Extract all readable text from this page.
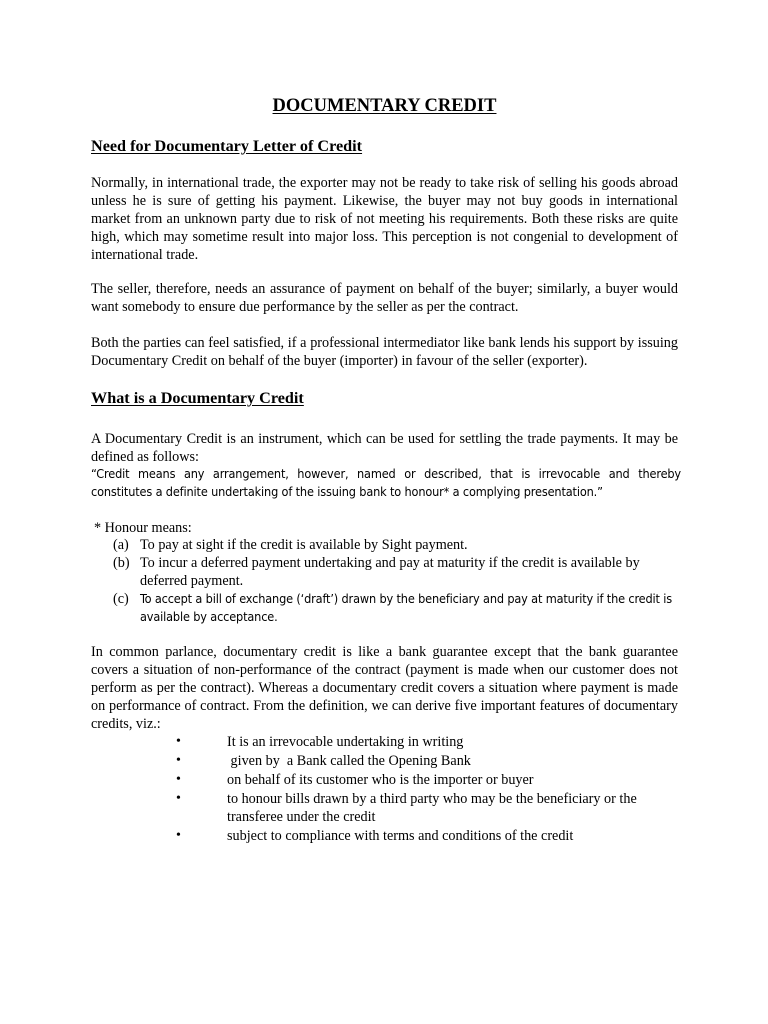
DOCUMENTARY CREDIT
Need for Documentary Letter of Credit
Normally, in international trade, the exporter may not be ready to take risk of selling his goods abroad unless he is sure of getting his payment. Likewise, the buyer may not buy goods in international market from an unknown party due to risk of not meeting his requirements. Both these risks are quite high, which may sometime result into major loss. This perception is not congenial to development of international trade.
The seller, therefore, needs an assurance of payment on behalf of the buyer; similarly, a buyer would want somebody to ensure due performance by the seller as per the contract.
Both the parties can feel satisfied, if a professional intermediator like bank lends his support by issuing Documentary Credit on behalf of the buyer (importer) in favour of the seller (exporter).
What is a Documentary Credit
A Documentary Credit is an instrument, which can be used for settling the trade payments. It may be defined as follows:
“Credit means any arrangement, however, named or described, that is irrevocable and thereby constitutes a definite undertaking of the issuing bank to honour* a complying presentation.”
* Honour means:
(a) To pay at sight if the credit is available by Sight payment.
(b) To incur a deferred payment undertaking and pay at maturity if the credit is available by deferred payment.
(c) To accept a bill of exchange (‘draft’) drawn by the beneficiary and pay at maturity if the credit is available by acceptance.
In common parlance, documentary credit is like a bank guarantee except that the bank guarantee covers a situation of non-performance of the contract (payment is made when our customer does not perform as per the contract). Whereas a documentary credit covers a situation where payment is made on performance of contract. From the definition, we can derive five important features of documentary credits, viz.:
•	It is an irrevocable undertaking in writing
•	given by  a Bank called the Opening Bank
•	on behalf of its customer who is the importer or buyer
•	to honour bills drawn by a third party who may be the beneficiary or the transferee under the credit
•	subject to compliance with terms and conditions of the credit
